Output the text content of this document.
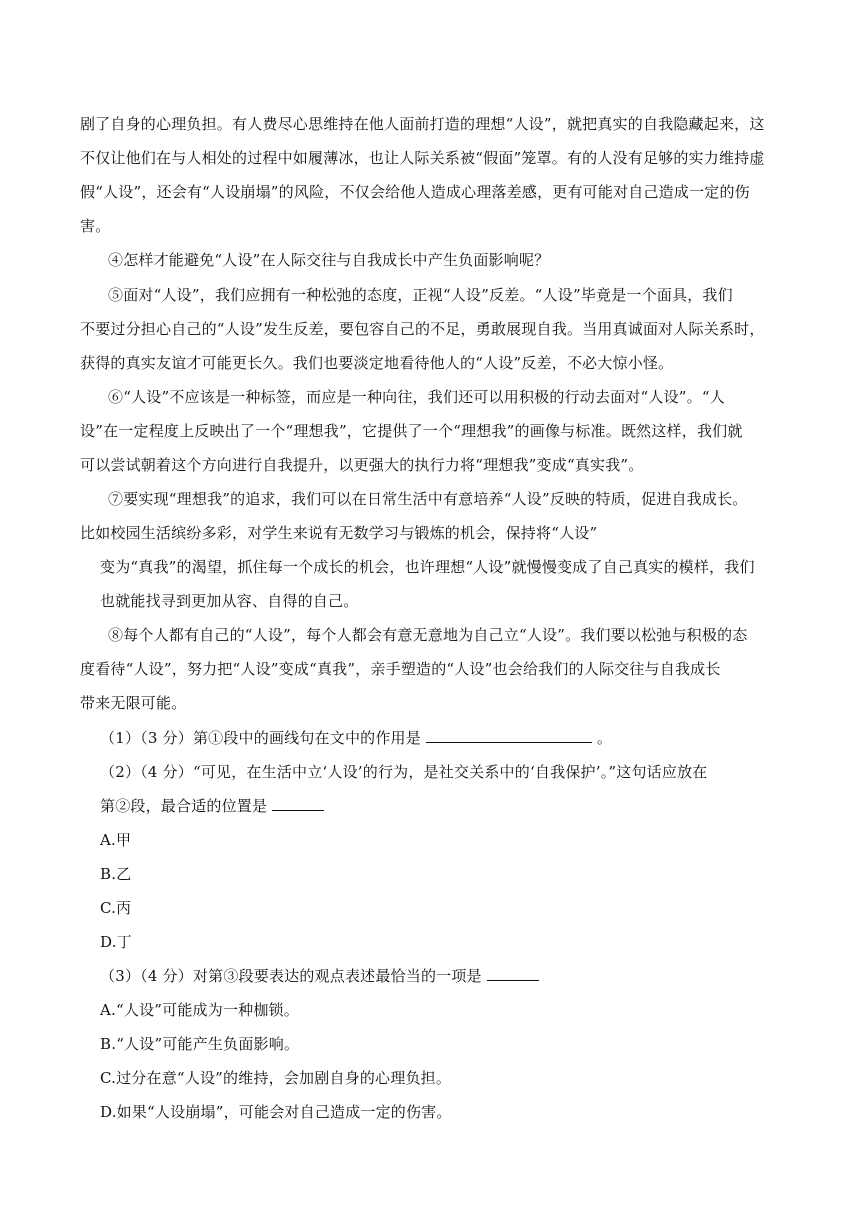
剧了自身的心理负担。有人费尽心思维持在他人面前打造的理想“人设”，就把真实的自我隐藏起来，这
不仅让他们在与人相处的过程中如履薄冰，也让人际关系被“假面”笼罩。有的人没有足够的实力维持虚
假“人设”，还会有“人设崩塌”的风险，不仅会给他人造成心理落差感，更有可能对自己造成一定的伤
害。
④怎样才能避免“人设”在人际交往与自我成长中产生负面影响呢？
⑤面对“人设”，我们应拥有一种松弛的态度，正视“人设”反差。“人设”毕竟是一个面具，我们
不要过分担心自己的“人设”发生反差，要包容自己的不足，勇敢展现自我。当用真诚面对人际关系时，
获得的真实友谊才可能更长久。我们也要淡定地看待他人的“人设”反差，不必大惊小怪。
⑥“人设”不应该是一种标签，而应是一种向往，我们还可以用积极的行动去面对“人设”。“人
设”在一定程度上反映出了一个“理想我”，它提供了一个“理想我”的画像与标准。既然这样，我们就
可以尝试朝着这个方向进行自我提升，以更强大的执行力将“理想我”变成“真实我”。
⑦要实现“理想我”的追求，我们可以在日常生活中有意培养“人设”反映的特质，促进自我成长。
比如校园生活缤纷多彩，对学生来说有无数学习与锻炼的机会，保持将“人设”
变为“真我”的渴望，抓住每一个成长的机会，也许理想“人设”就慢慢变成了自己真实的模样，我们
也就能找寻到更加从容、自得的自己。
⑧每个人都有自己的“人设”，每个人都会有意无意地为自己立“人设”。我们要以松弛与积极的态
度看待“人设”，努力把“人设”变成“真我”，亲手塑造的“人设”也会给我们的人际交往与自我成长
带来无限可能。
（1）（3 分）第①段中的画线句在文中的作用是	。
（2）（4 分）“可见，在生活中立‘人设’的行为，是社交关系中的‘自我保护’。”这句话应放在
第②段，最合适的位置是
A.甲
B.乙
C.丙
D.丁
（3）（4 分）对第③段要表达的观点表述最恰当的一项是
A.“人设”可能成为一种枷锁。
B.“人设”可能产生负面影响。
C.过分在意“人设”的维持，会加剧自身的心理负担。
D.如果“人设崩塌”，可能会对自己造成一定的伤害。
